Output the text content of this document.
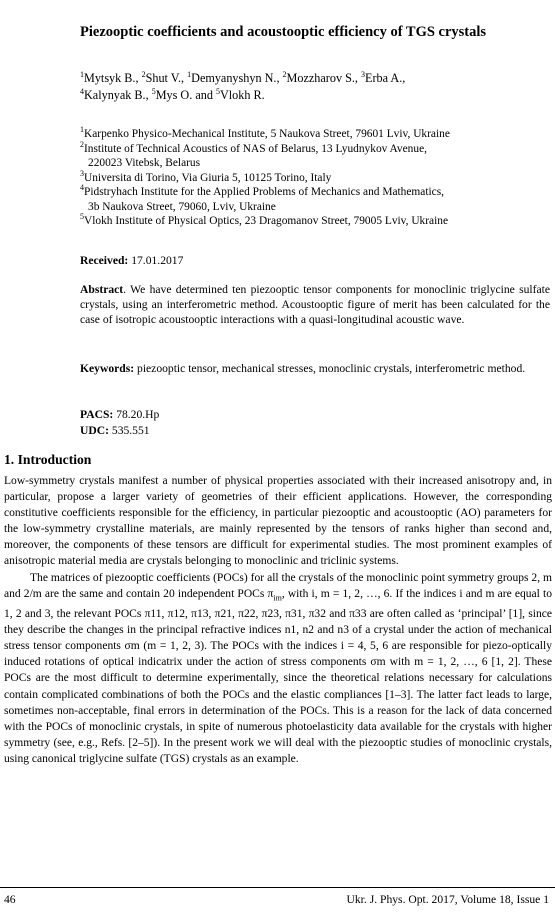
Piezooptic coefficients and acoustooptic efficiency of TGS crystals
$^1$Mytsyk B., $^2$Shut V., $^1$Demyanyshyn N., $^2$Mozzharov S., $^3$Erba A.,
$^4$Kalynyak B., $^5$Mys O. and $^5$Vlokh R.
$^1$Karpenko Physico-Mechanical Institute, 5 Naukova Street, 79601 Lviv, Ukraine
$^2$Institute of Technical Acoustics of NAS of Belarus, 13 Lyudnykov Avenue,
220023 Vitebsk, Belarus
$^3$Universita di Torino, Via Giuria 5, 10125 Torino, Italy
$^4$Pidstryhach Institute for the Applied Problems of Mechanics and Mathematics,
3b Naukova Street, 79060, Lviv, Ukraine
$^5$Vlokh Institute of Physical Optics, 23 Dragomanov Street, 79005 Lviv, Ukraine
Received: 17.01.2017
Abstract. We have determined ten piezooptic tensor components for monoclinic triglycine sulfate crystals, using an interferometric method. Acoustooptic figure of merit has been calculated for the case of isotropic acoustooptic interactions with a quasi-longitudinal acoustic wave.
Keywords: piezooptic tensor, mechanical stresses, monoclinic crystals, interferometric method.
PACS: 78.20.Hp
UDC: 535.551
1. Introduction

Low-symmetry crystals manifest a number of physical properties associated with their increased anisotropy and, in particular, propose a larger variety of geometries of their efficient applications. However, the corresponding constitutive coefficients responsible for the efficiency, in particular piezooptic and acoustooptic (AO) parameters for the low-symmetry crystalline materials, are mainly represented by the tensors of ranks higher than second and, moreover, the components of these tensors are difficult for experimental studies. The most prominent examples of anisotropic material media are crystals belonging to monoclinic and triclinic systems.

The matrices of piezooptic coefficients (POCs) for all the crystals of the monoclinic point symmetry groups 2, m and 2/m are the same and contain 20 independent POCs $\pi_{im}$, with i, m = 1, 2, …, 6. If the indices i and m are equal to 1, 2 and 3, the relevant POCs π11, π12, π13, π21, π22, π23, π31, π32 and π33 are often called as ‘principal’ [1], since they describe the changes in the principal refractive indices n1, n2 and n3 of a crystal under the action of mechanical stress tensor components σm (m = 1, 2, 3). The POCs with the indices i = 4, 5, 6 are responsible for piezo-optically induced rotations of optical indicatrix under the action of stress components σm with m = 1, 2, …, 6 [1, 2]. These POCs are the most difficult to determine experimentally, since the theoretical relations necessary for calculations contain complicated combinations of both the POCs and the elastic compliances [1–3]. The latter fact leads to large, sometimes non-acceptable, final errors in determination of the POCs. This is a reason for the lack of data concerned with the POCs of monoclinic crystals, in spite of numerous photoelasticity data available for the crystals with higher symmetry (see, e.g., Refs. [2–5]). In the present work we will deal with the piezooptic studies of monoclinic crystals, using canonical triglycine sulfate (TGS) crystals as an example.

46	Ukr. J. Phys. Opt. 2017, Volume 18, Issue 1
